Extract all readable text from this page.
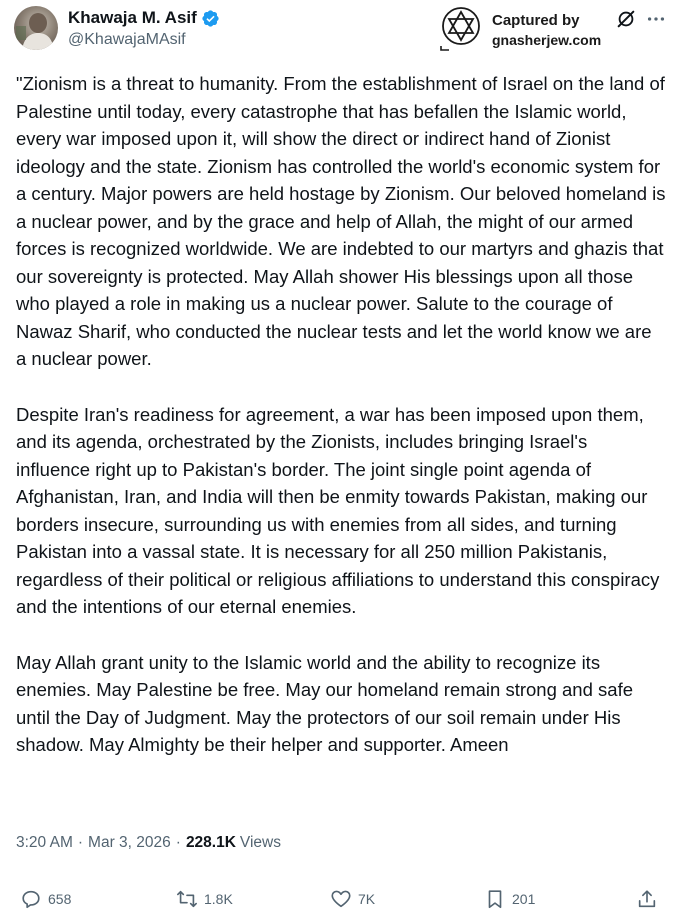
Khawaja M. Asif
@KhawajaMAsif
Captured by
gnasherjew.com

"Zionism is a threat to humanity. From the establishment of Israel on the land of Palestine until today, every catastrophe that has befallen the Islamic world, every war imposed upon it, will show the direct or indirect hand of Zionist ideology and the state. Zionism has controlled the world's economic system for a century. Major powers are held hostage by Zionism. Our beloved homeland is a nuclear power, and by the grace and help of Allah, the might of our armed forces is recognized worldwide. We are indebted to our martyrs and ghazis that our sovereignty is protected. May Allah shower His blessings upon all those who played a role in making us a nuclear power. Salute to the courage of Nawaz Sharif, who conducted the nuclear tests and let the world know we are a nuclear power.

Despite Iran's readiness for agreement, a war has been imposed upon them, and its agenda, orchestrated by the Zionists, includes bringing Israel's influence right up to Pakistan's border. The joint single point agenda of Afghanistan, Iran, and India will then be enmity towards Pakistan, making our borders insecure, surrounding us with enemies from all sides, and turning Pakistan into a vassal state. It is necessary for all 250 million Pakistanis, regardless of their political or religious affiliations to understand this conspiracy and the intentions of our eternal enemies.

May Allah grant unity to the Islamic world and the ability to recognize its enemies. May Palestine be free. May our homeland remain strong and safe until the Day of Judgment. May the protectors of our soil remain under His shadow. May Almighty be their helper and supporter. Ameen

3:20 AM · Mar 3, 2026 · 228.1K Views
658	1.8K	7K	201
